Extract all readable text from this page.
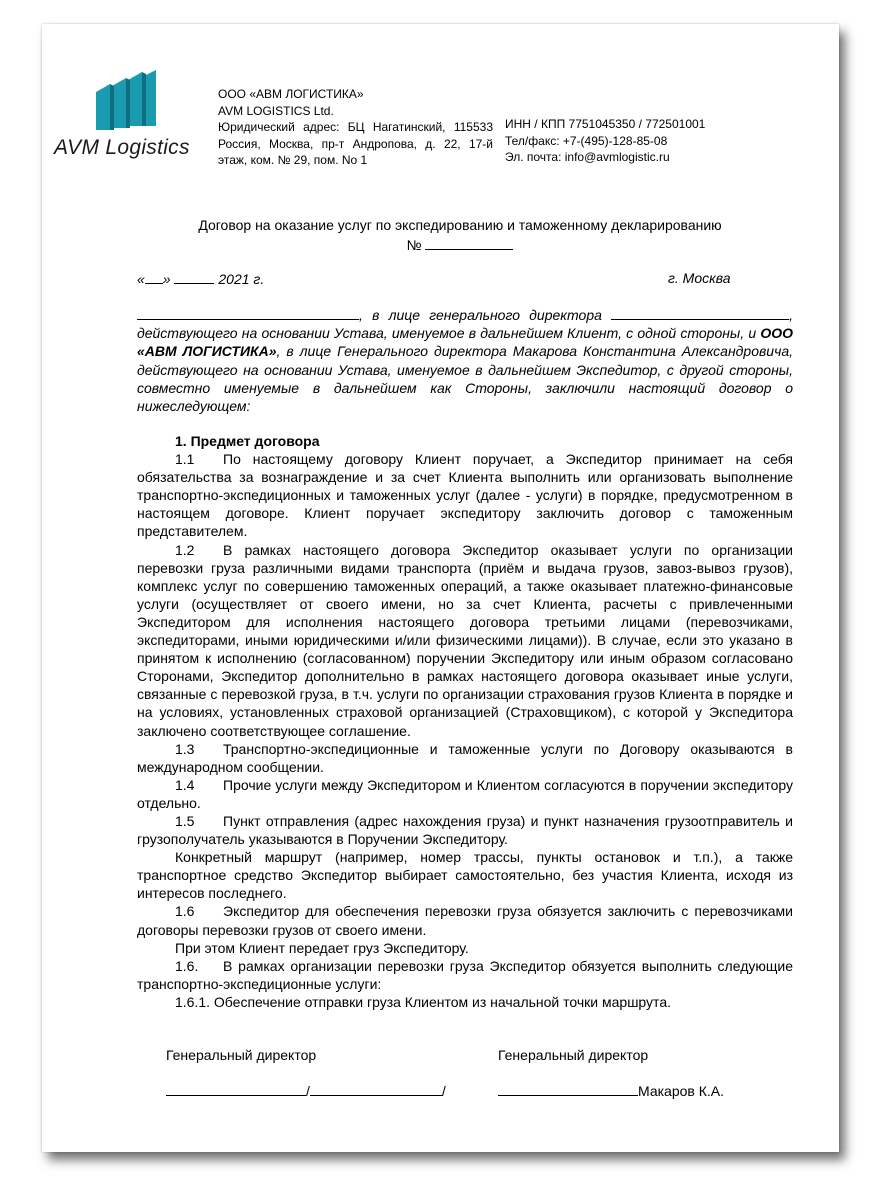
AVM Logistics
ООО «АВМ ЛОГИСТИКА»
AVM LOGISTICS Ltd.
Юридический адрес: БЦ Нагатинский, 115533 Россия, Москва, пр-т Андропова, д. 22, 17-й этаж, ком. № 29, пом. No 1
ИНН / КПП 7751045350 / 772501001
Тел/факс: +7-(495)-128-85-08
Эл. почта: info@avmlogistic.ru
Договор на оказание услуг по экспедированию и таможенному декларированию
№
« »	2021 г.	г. Москва
, в лице генерального директора	, действующего на основании Устава, именуемое в дальнейшем Клиент, с одной стороны, и ООО «АВМ ЛОГИСТИКА», в лице Генерального директора Макарова Константина Александровича, действующего на основании Устава, именуемое в дальнейшем Экспедитор, с другой стороны, совместно именуемые в дальнейшем как Стороны, заключили настоящий договор о нижеследующем:

1. Предмет договора

1.1 По настоящему договору Клиент поручает, а Экспедитор принимает на себя обязательства за вознаграждение и за счет Клиента выполнить или организовать выполнение транспортно-экспедиционных и таможенных услуг (далее - услуги) в порядке, предусмотренном в настоящем договоре. Клиент поручает экспедитору заключить договор с таможенным представителем.

1.2 В рамках настоящего договора Экспедитор оказывает услуги по организации перевозки груза различными видами транспорта (приём и выдача грузов, завоз-вывоз грузов), комплекс услуг по совершению таможенных операций, а также оказывает платежно-финансовые услуги (осуществляет от своего имени, но за счет Клиента, расчеты с привлеченными Экспедитором для исполнения настоящего договора третьими лицами (перевозчиками, экспедиторами, иными юридическими и/или физическими лицами)). В случае, если это указано в принятом к исполнению (согласованном) поручении Экспедитору или иным образом согласовано Сторонами, Экспедитор дополнительно в рамках настоящего договора оказывает иные услуги, связанные с перевозкой груза, в т.ч. услуги по организации страхования грузов Клиента в порядке и на условиях, установленных страховой организацией (Страховщиком), с которой у Экспедитора заключено соответствующее соглашение.

1.3 Транспортно-экспедиционные и таможенные услуги по Договору оказываются в международном сообщении.

1.4 Прочие услуги между Экспедитором и Клиентом согласуются в поручении экспедитору отдельно.

1.5 Пункт отправления (адрес нахождения груза) и пункт назначения грузоотправитель и грузополучатель указываются в Поручении Экспедитору.

Конкретный маршрут (например, номер трассы, пункты остановок и т.п.), а также транспортное средство Экспедитор выбирает самостоятельно, без участия Клиента, исходя из интересов последнего.

1.6 Экспедитор для обеспечения перевозки груза обязуется заключить с перевозчиками договоры перевозки грузов от своего имени.

При этом Клиент передает груз Экспедитору.

1.6. В рамках организации перевозки груза Экспедитор обязуется выполнить следующие транспортно-экспедиционные услуги:

1.6.1. Обеспечение отправки груза Клиентом из начальной точки маршрута.

Генеральный директор	Генеральный директор
/	/	Макаров К.А.
